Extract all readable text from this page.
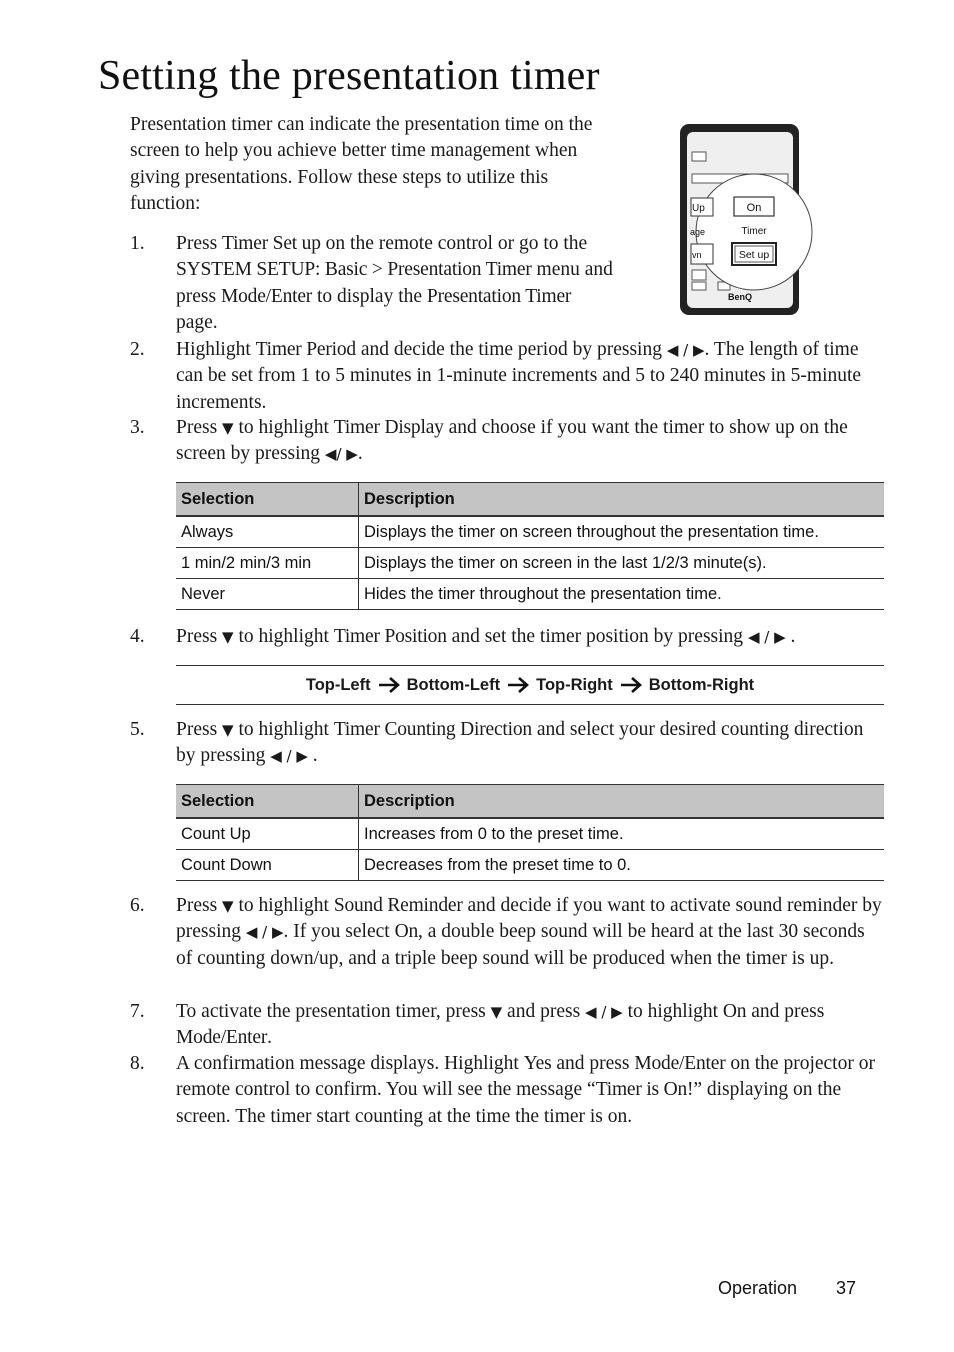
Setting the presentation timer
Presentation timer can indicate the presentation time on the screen to help you achieve better time management when giving presentations. Follow these steps to utilize this function:
BenQ
Up	On
age	Timer
vn	Set up
1.	Press Timer Set up on the remote control or go to the SYSTEM SETUP: Basic > Presentation Timer menu and press Mode/Enter to display the Presentation Timer page.
2.	Highlight Timer Period and decide the time period by pressing ◀ / ▶. The length of time can be set from 1 to 5 minutes in 1-minute increments and 5 to 240 minutes in 5-minute increments.
3.	Press ▼ to highlight Timer Display and choose if you want the timer to show up on the screen by pressing ◀/ ▶.
Selection	Description
Always	Displays the timer on screen throughout the presentation time.
1 min/2 min/3 min	Displays the timer on screen in the last 1/2/3 minute(s).
Never	Hides the timer throughout the presentation time.
4.	Press ▼ to highlight Timer Position and set the timer position by pressing ◀ / ▶ .
Top-Left Bottom-Left Top-Right Bottom-Right
5.	Press ▼ to highlight Timer Counting Direction and select your desired counting direction by pressing ◀ / ▶ .
Selection	Description
Count Up	Increases from 0 to the preset time.
Count Down	Decreases from the preset time to 0.
6.	Press ▼ to highlight Sound Reminder and decide if you want to activate sound reminder by pressing ◀ / ▶. If you select On, a double beep sound will be heard at the last 30 seconds of counting down/up, and a triple beep sound will be produced when the timer is up.
7.	To activate the presentation timer, press ▼ and press ◀ / ▶ to highlight On and press Mode/Enter.
8.	A confirmation message displays. Highlight Yes and press Mode/Enter on the projector or remote control to confirm. You will see the message “Timer is On!” displaying on the screen. The timer start counting at the time the timer is on.
Operation 37
